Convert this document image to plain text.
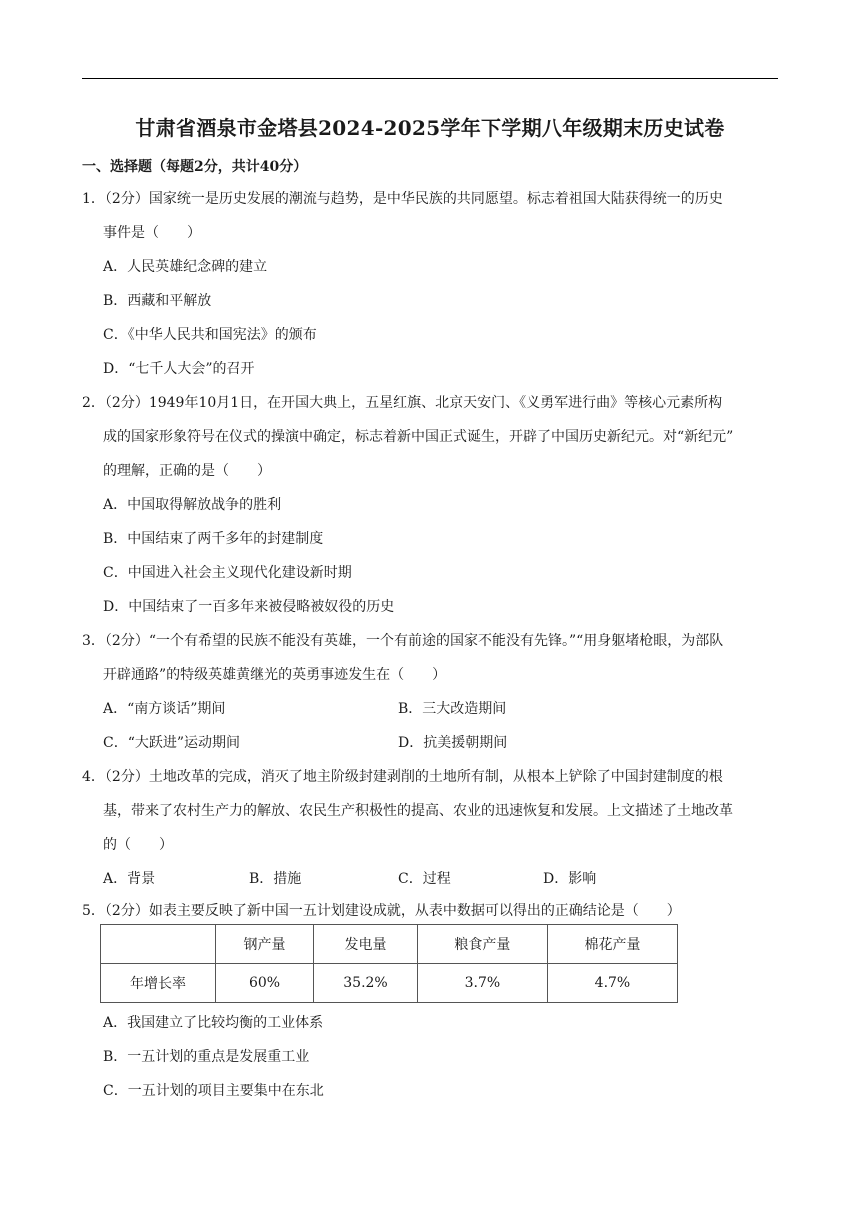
甘肃省酒泉市金塔县2024-2025学年下学期八年级期末历史试卷
一、选择题（每题2分，共计40分）
1．（2分）国家统一是历史发展的潮流与趋势，是中华民族的共同愿望。标志着祖国大陆获得统一的历史
事件是（　　）
A．人民英雄纪念碑的建立
B．西藏和平解放
C．《中华人民共和国宪法》的颁布
D．“七千人大会”的召开
2．（2分）1949年10月1日，在开国大典上，五星红旗、北京天安门、《义勇军进行曲》等核心元素所构
成的国家形象符号在仪式的操演中确定，标志着新中国正式诞生，开辟了中国历史新纪元。对“新纪元”
的理解，正确的是（　　）
A．中国取得解放战争的胜利
B．中国结束了两千多年的封建制度
C．中国进入社会主义现代化建设新时期
D．中国结束了一百多年来被侵略被奴役的历史
3．（2分）“一个有希望的民族不能没有英雄，一个有前途的国家不能没有先锋。”“用身躯堵枪眼，为部队
开辟通路”的特级英雄黄继光的英勇事迹发生在（　　）
A．“南方谈话”期间	B．三大改造期间
C．“大跃进”运动期间	D．抗美援朝期间
4．（2分）土地改革的完成，消灭了地主阶级封建剥削的土地所有制，从根本上铲除了中国封建制度的根
基，带来了农村生产力的解放、农民生产积极性的提高、农业的迅速恢复和发展。上文描述了土地改革
的（　　）
A．背景	B．措施	C．过程	D．影响
5．（2分）如表主要反映了新中国一五计划建设成就，从表中数据可以得出的正确结论是（　　）
	钢产量	发电量	粮食产量	棉花产量
年增长率	60%	35.2%	3.7%	4.7%
A．我国建立了比较均衡的工业体系
B．一五计划的重点是发展重工业
C．一五计划的项目主要集中在东北
